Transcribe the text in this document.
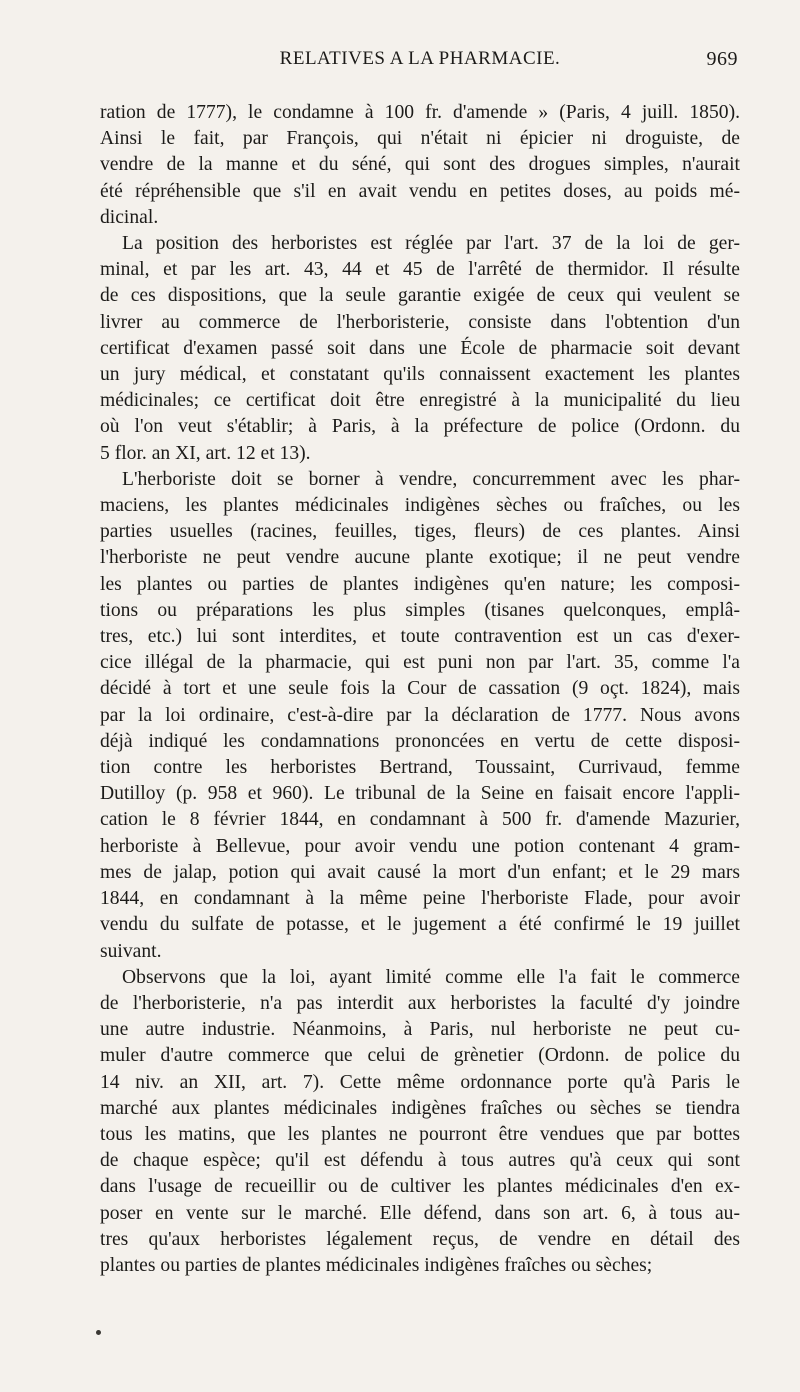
RELATIVES A LA PHARMACIE.	969

ration de 1777), le condamne à 100 fr. d'amende » (Paris, 4 juill. 1850).
Ainsi le fait, par François, qui n'était ni épicier ni droguiste, de
vendre de la manne et du séné, qui sont des drogues simples, n'aurait
été répréhensible que s'il en avait vendu en petites doses, au poids mé-
dicinal.

La position des herboristes est réglée par l'art. 37 de la loi de ger-
minal, et par les art. 43, 44 et 45 de l'arrêté de thermidor. Il résulte
de ces dispositions, que la seule garantie exigée de ceux qui veulent se
livrer au commerce de l'herboristerie, consiste dans l'obtention d'un
certificat d'examen passé soit dans une École de pharmacie soit devant
un jury médical, et constatant qu'ils connaissent exactement les plantes
médicinales; ce certificat doit être enregistré à la municipalité du lieu
où l'on veut s'établir; à Paris, à la préfecture de police (Ordonn. du
5 flor. an XI, art. 12 et 13).

L'herboriste doit se borner à vendre, concurremment avec les phar-
maciens, les plantes médicinales indigènes sèches ou fraîches, ou les
parties usuelles (racines, feuilles, tiges, fleurs) de ces plantes. Ainsi
l'herboriste ne peut vendre aucune plante exotique; il ne peut vendre
les plantes ou parties de plantes indigènes qu'en nature; les composi-
tions ou préparations les plus simples (tisanes quelconques, emplâ-
tres, etc.) lui sont interdites, et toute contravention est un cas d'exer-
cice illégal de la pharmacie, qui est puni non par l'art. 35, comme l'a
décidé à tort et une seule fois la Cour de cassation (9 oçt. 1824), mais
par la loi ordinaire, c'est-à-dire par la déclaration de 1777. Nous avons
déjà indiqué les condamnations prononcées en vertu de cette disposi-
tion contre les herboristes Bertrand, Toussaint, Currivaud, femme
Dutilloy (p. 958 et 960). Le tribunal de la Seine en faisait encore l'appli-
cation le 8 février 1844, en condamnant à 500 fr. d'amende Mazurier,
herboriste à Bellevue, pour avoir vendu une potion contenant 4 gram-
mes de jalap, potion qui avait causé la mort d'un enfant; et le 29 mars
1844, en condamnant à la même peine l'herboriste Flade, pour avoir
vendu du sulfate de potasse, et le jugement a été confirmé le 19 juillet
suivant.

Observons que la loi, ayant limité comme elle l'a fait le commerce
de l'herboristerie, n'a pas interdit aux herboristes la faculté d'y joindre
une autre industrie. Néanmoins, à Paris, nul herboriste ne peut cu-
muler d'autre commerce que celui de grènetier (Ordonn. de police du
14 niv. an XII, art. 7). Cette même ordonnance porte qu'à Paris le
marché aux plantes médicinales indigènes fraîches ou sèches se tiendra
tous les matins, que les plantes ne pourront être vendues que par bottes
de chaque espèce; qu'il est défendu à tous autres qu'à ceux qui sont
dans l'usage de recueillir ou de cultiver les plantes médicinales d'en ex-
poser en vente sur le marché. Elle défend, dans son art. 6, à tous au-
tres qu'aux herboristes légalement reçus, de vendre en détail des
plantes ou parties de plantes médicinales indigènes fraîches ou sèches;
